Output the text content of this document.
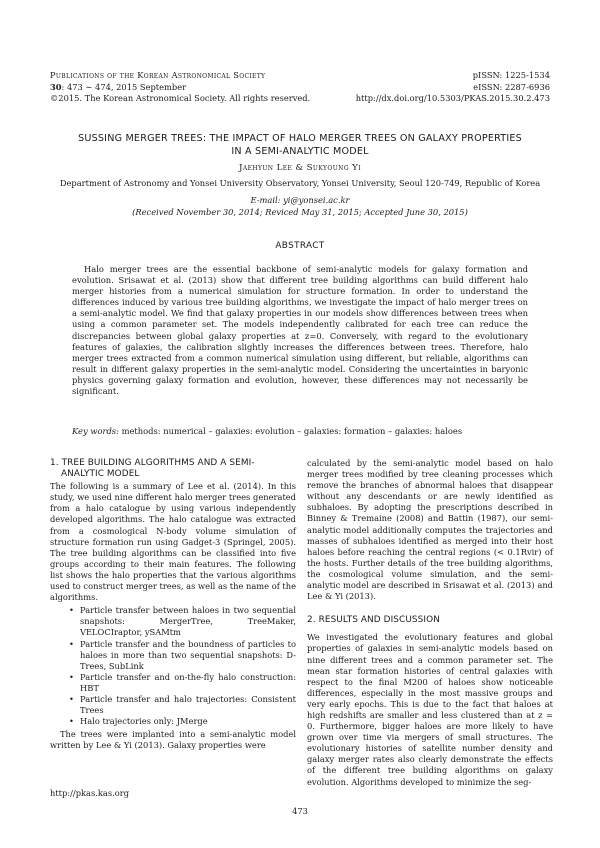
Publications of the Korean Astronomical Society
30: 473 ∼ 474, 2015 September
©2015. The Korean Astronomical Society. All rights reserved.
pISSN: 1225-1534
eISSN: 2287-6936
http://dx.doi.org/10.5303/PKAS.2015.30.2.473
SUSSING MERGER TREES: THE IMPACT OF HALO MERGER TREES ON GALAXY PROPERTIES
IN A SEMI-ANALYTIC MODEL
Jaehyun Lee & Sukyoung Yi
Department of Astronomy and Yonsei University Observatory, Yonsei University, Seoul 120-749, Republic of Korea
E-mail: yi@yonsei.ac.kr
(Received November 30, 2014; Reviced May 31, 2015; Accepted June 30, 2015)
ABSTRACT

Halo merger trees are the essential backbone of semi-analytic models for galaxy formation and evolution. Srisawat et al. (2013) show that different tree building algorithms can build different halo merger histories from a numerical simulation for structure formation. In order to understand the differences induced by various tree building algorithms, we investigate the impact of halo merger trees on a semi-analytic model. We find that galaxy properties in our models show differences between trees when using a common parameter set. The models independently calibrated for each tree can reduce the discrepancies between global galaxy properties at z=0. Conversely, with regard to the evolutionary features of galaxies, the calibration slightly increases the differences between trees. Therefore, halo merger trees extracted from a common numerical simulation using different, but reliable, algorithms can result in different galaxy properties in the semi-analytic model. Considering the uncertainties in baryonic physics governing galaxy formation and evolution, however, these differences may not necessarily be significant.

Key words: methods: numerical – galaxies: evolution – galaxies: formation – galaxies: haloes
1. TREE BUILDING ALGORITHMS AND A SEMI-
ANALYTIC MODEL

The following is a summary of Lee et al. (2014). In this study, we used nine different halo merger trees generated from a halo catalogue by using various independently developed algorithms. The halo catalogue was extracted from a cosmological N-body volume simulation of structure formation run using Gadget-3 (Springel, 2005). The tree building algorithms can be classified into five groups according to their main features. The following list shows the halo properties that the various algorithms used to construct merger trees, as well as the name of the algorithms.

• Particle transfer between haloes in two sequential snapshots: MergerTree, TreeMaker, VELOCIraptor, ySAMtm
• Particle transfer and the boundness of particles to haloes in more than two sequential snapshots: D-Trees, SubLink
• Particle transfer and on-the-fly halo construction: HBT
• Particle transfer and halo trajectories: Consistent Trees
• Halo trajectories only: JMerge

The trees were implanted into a semi-analytic model written by Lee & Yi (2013). Galaxy properties were

calculated by the semi-analytic model based on halo merger trees modified by tree cleaning processes which remove the branches of abnormal haloes that disappear without any descendants or are newly identified as subhaloes. By adopting the prescriptions described in Binney & Tremaine (2008) and Battin (1987), our semi-analytic model additionally computes the trajectories and masses of subhaloes identified as merged into their host haloes before reaching the central regions (< 0.1Rvir) of the hosts. Further details of the tree building algorithms, the cosmological volume simulation, and the semi-analytic model are described in Srisawat et al. (2013) and Lee & Yi (2013).

2. RESULTS AND DISCUSSION

We investigated the evolutionary features and global properties of galaxies in semi-analytic models based on nine different trees and a common parameter set. The mean star formation histories of central galaxies with respect to the final M200 of haloes show noticeable differences, especially in the most massive groups and very early epochs. This is due to the fact that haloes at high redshifts are smaller and less clustered than at z = 0. Furthermore, bigger haloes are more likely to have grown over time via mergers of small structures. The evolutionary histories of satellite number density and galaxy merger rates also clearly demonstrate the effects of the different tree building algorithms on galaxy evolution. Algorithms developed to minimize the seg-

http://pkas.kas.org
473
